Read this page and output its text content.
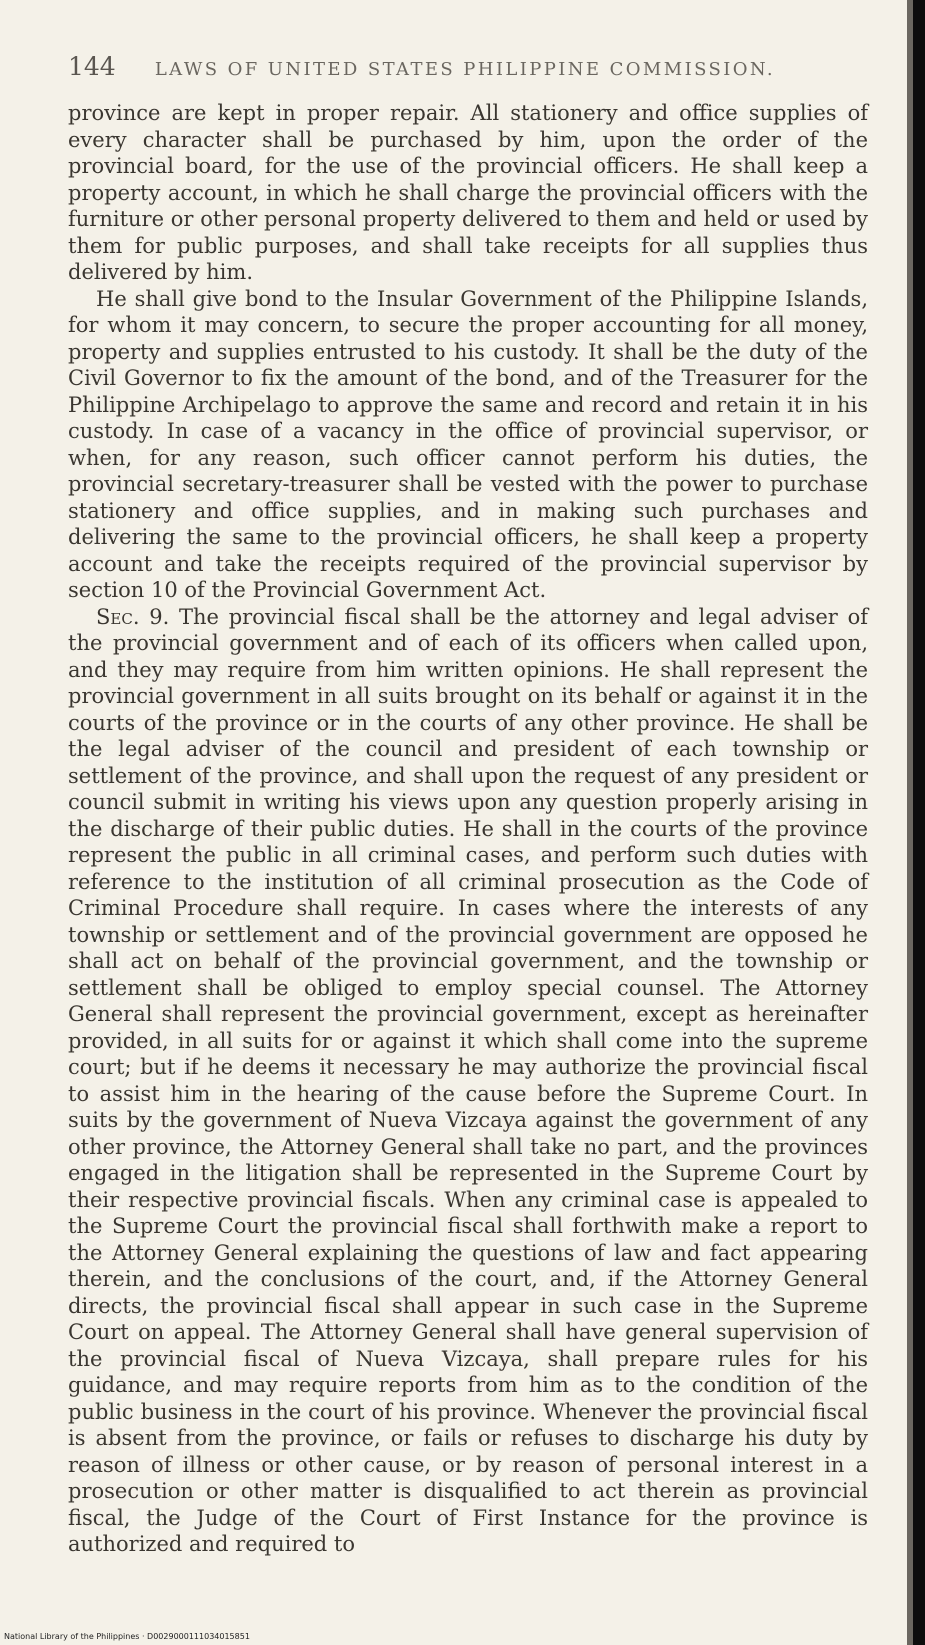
144 LAWS OF UNITED STATES PHILIPPINE COMMISSION.

province are kept in proper repair. All stationery and office supplies of every character shall be purchased by him, upon the order of the provincial board, for the use of the provincial officers. He shall keep a property account, in which he shall charge the provincial officers with the furniture or other personal property delivered to them and held or used by them for public purposes, and shall take receipts for all supplies thus delivered by him.

He shall give bond to the Insular Government of the Philippine Islands, for whom it may concern, to secure the proper accounting for all money, property and supplies entrusted to his custody. It shall be the duty of the Civil Governor to fix the amount of the bond, and of the Treasurer for the Philippine Archipelago to approve the same and record and retain it in his custody. In case of a vacancy in the office of provincial supervisor, or when, for any reason, such officer cannot perform his duties, the provincial secretary-treasurer shall be vested with the power to purchase stationery and office supplies, and in making such purchases and delivering the same to the provincial officers, he shall keep a property account and take the receipts required of the provincial supervisor by section 10 of the Provincial Government Act.

Sec. 9. The provincial fiscal shall be the attorney and legal adviser of the provincial government and of each of its officers when called upon, and they may require from him written opinions. He shall represent the provincial government in all suits brought on its behalf or against it in the courts of the province or in the courts of any other province. He shall be the legal adviser of the council and president of each township or settlement of the province, and shall upon the request of any president or council submit in writing his views upon any question properly arising in the discharge of their public duties. He shall in the courts of the province represent the public in all criminal cases, and perform such duties with reference to the institution of all criminal prosecution as the Code of Criminal Procedure shall require. In cases where the interests of any township or settlement and of the provincial government are opposed he shall act on behalf of the provincial government, and the township or settlement shall be obliged to employ special counsel. The Attorney General shall represent the provincial government, except as hereinafter provided, in all suits for or against it which shall come into the supreme court; but if he deems it necessary he may authorize the provincial fiscal to assist him in the hearing of the cause before the Supreme Court. In suits by the government of Nueva Vizcaya against the government of any other province, the Attorney General shall take no part, and the provinces engaged in the litigation shall be represented in the Supreme Court by their respective provincial fiscals. When any criminal case is appealed to the Supreme Court the provincial fiscal shall forthwith make a report to the Attorney General explaining the questions of law and fact appearing therein, and the conclusions of the court, and, if the Attorney General directs, the provincial fiscal shall appear in such case in the Supreme Court on appeal. The Attorney General shall have general supervision of the provincial fiscal of Nueva Vizcaya, shall prepare rules for his guidance, and may require reports from him as to the condition of the public business in the court of his province. Whenever the provincial fiscal is absent from the province, or fails or refuses to discharge his duty by reason of illness or other cause, or by reason of personal interest in a prosecution or other matter is disqualified to act therein as provincial fiscal, the Judge of the Court of First Instance for the province is authorized and required to

National Library of the Philippines · D0029000111034015851
